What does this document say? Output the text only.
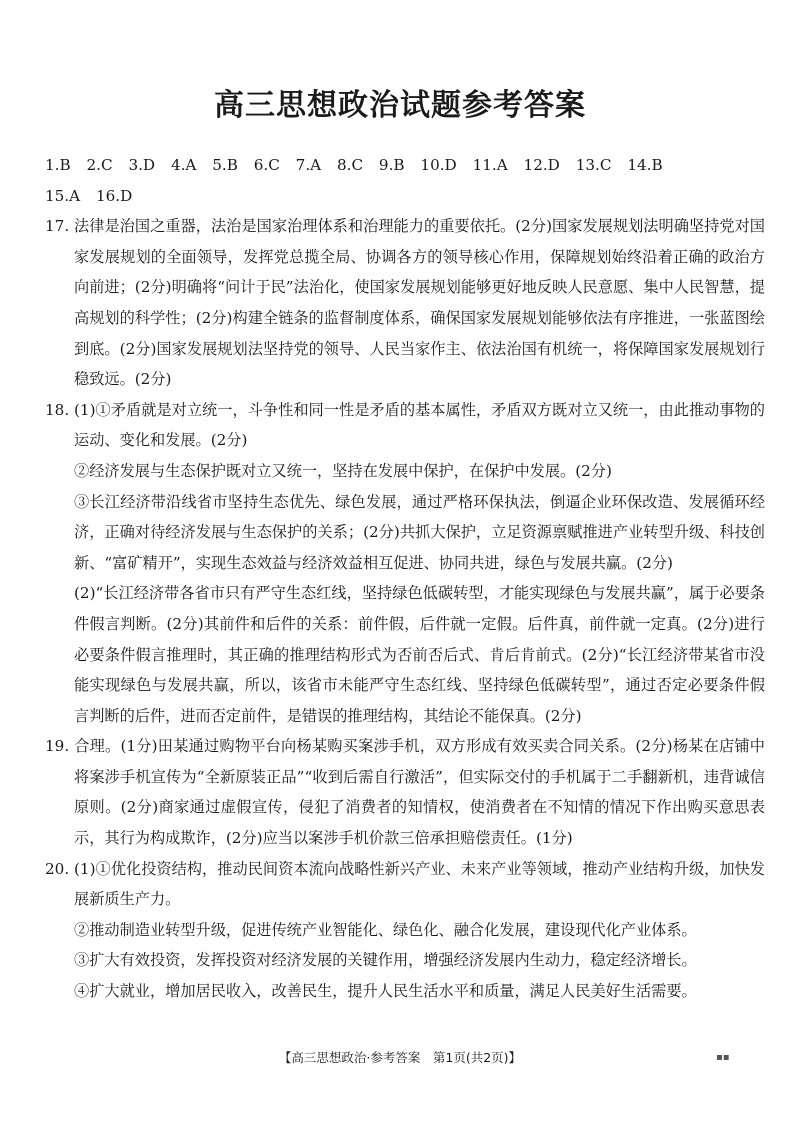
高三思想政治试题参考答案

1.B 2.C 3.D 4.A 5.B 6.C 7.A 8.C 9.B 10.D 11.A 12.D 13.C 14.B

15.A 16.D

17. 法律是治国之重器，法治是国家治理体系和治理能力的重要依托。(2分)国家发展规划法明确坚持党对国家发展规划的全面领导，发挥党总揽全局、协调各方的领导核心作用，保障规划始终沿着正确的政治方向前进；(2分)明确将“问计于民”法治化，使国家发展规划能够更好地反映人民意愿、集中人民智慧，提高规划的科学性；(2分)构建全链条的监督制度体系，确保国家发展规划能够依法有序推进，一张蓝图绘到底。(2分)国家发展规划法坚持党的领导、人民当家作主、依法治国有机统一，将保障国家发展规划行稳致远。(2分)

18. (1)①矛盾就是对立统一，斗争性和同一性是矛盾的基本属性，矛盾双方既对立又统一，由此推动事物的运动、变化和发展。(2分)

②经济发展与生态保护既对立又统一，坚持在发展中保护，在保护中发展。(2分)

③长江经济带沿线省市坚持生态优先、绿色发展，通过严格环保执法，倒逼企业环保改造、发展循环经济，正确对待经济发展与生态保护的关系；(2分)共抓大保护，立足资源禀赋推进产业转型升级、科技创新、“富矿精开”，实现生态效益与经济效益相互促进、协同共进，绿色与发展共赢。(2分)

(2)“长江经济带各省市只有严守生态红线，坚持绿色低碳转型，才能实现绿色与发展共赢”，属于必要条件假言判断。(2分)其前件和后件的关系：前件假，后件就一定假。后件真，前件就一定真。(2分)进行必要条件假言推理时，其正确的推理结构形式为否前否后式、肯后肯前式。(2分)“长江经济带某省市没能实现绿色与发展共赢，所以，该省市未能严守生态红线、坚持绿色低碳转型”，通过否定必要条件假言判断的后件，进而否定前件，是错误的推理结构，其结论不能保真。(2分)

19. 合理。(1分)田某通过购物平台向杨某购买案涉手机，双方形成有效买卖合同关系。(2分)杨某在店铺中将案涉手机宣传为“全新原装正品”“收到后需自行激活”，但实际交付的手机属于二手翻新机，违背诚信原则。(2分)商家通过虚假宣传，侵犯了消费者的知情权，使消费者在不知情的情况下作出购买意思表示，其行为构成欺诈，(2分)应当以案涉手机价款三倍承担赔偿责任。(1分)

20. (1)①优化投资结构，推动民间资本流向战略性新兴产业、未来产业等领域，推动产业结构升级，加快发展新质生产力。

②推动制造业转型升级，促进传统产业智能化、绿色化、融合化发展，建设现代化产业体系。

③扩大有效投资，发挥投资对经济发展的关键作用，增强经济发展内生动力，稳定经济增长。

④扩大就业，增加居民收入，改善民生，提升人民生活水平和质量，满足人民美好生活需要。

【高三思想政治·参考答案　第1页(共2页)】	▪▪
